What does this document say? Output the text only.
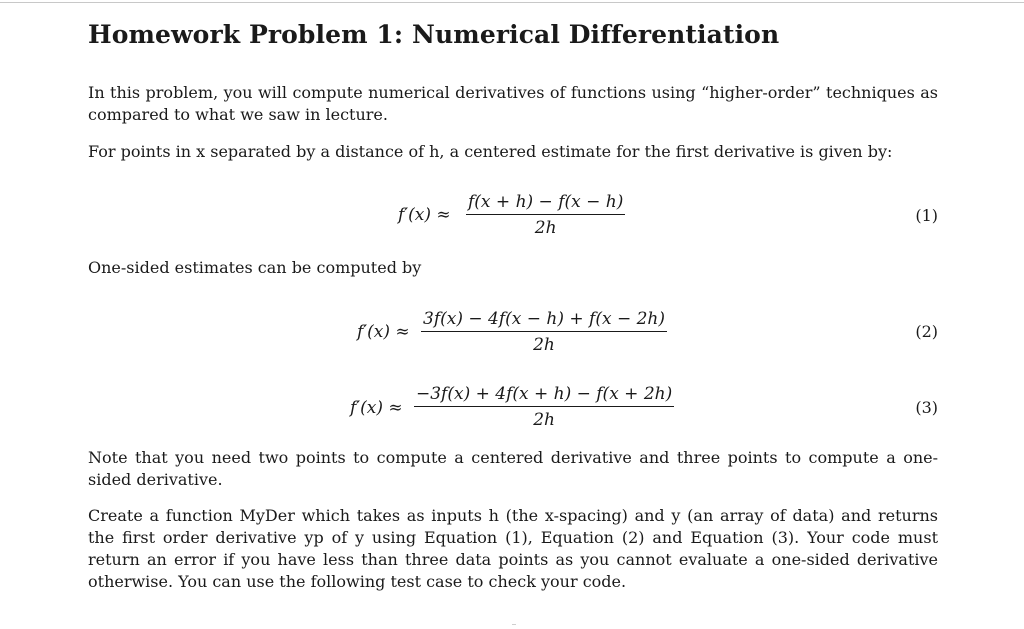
Homework Problem 1: Numerical Differentiation

In this problem, you will compute numerical derivatives of functions using “higher-order” techniques as compared to what we saw in lecture.

For points in x separated by a distance of h, a centered estimate for the first derivative is given by:

$f'(x) \approx \frac{f(x + h) - f(x - h)}{2h}$	(1)

One-sided estimates can be computed by

$f'(x) \approx \frac{3f(x) - 4f(x - h) + f(x - 2h)}{2h}$	(2)
$f'(x) \approx \frac{-3f(x) + 4f(x + h) - f(x + 2h)}{2h}$	(3)

Note that you need two points to compute a centered derivative and three points to compute a one-sided derivative.

Create a function MyDer which takes as inputs h (the x-spacing) and y (an array of data) and returns the first order derivative yp of y using Equation (1), Equation (2) and Equation (3). Your code must return an error if you have less than three data points as you cannot evaluate a one-sided derivative otherwise. You can use the following test case to check your code.
